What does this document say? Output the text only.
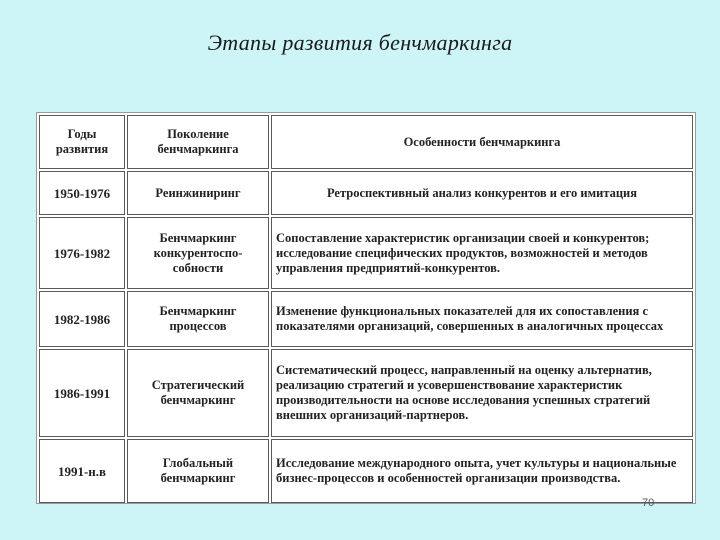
Этапы развития бенчмаркинга
Годы развития	Поколение бенчмаркинга	Особенности бенчмаркинга
1950-1976	Реинжиниринг	Ретроспективный анализ конкурентов и его имитация
1976-1982	Бенчмаркинг конкурентоспо-собности	Сопоставление характеристик организации своей и конкурентов; исследование специфических продуктов, возможностей и методов управления предприятий-конкурентов.
1982-1986	Бенчмаркинг процессов	Изменение функциональных показателей для их сопоставления с показателями организаций, совершенных в аналогичных процессах
1986-1991	Стратегический бенчмаркинг	Систематический процесс, направленный на оценку альтернатив, реализацию стратегий и усовершенствование характеристик производительности на основе исследования успешных стратегий внешних организаций-партнеров.
1991-н.в	Глобальный бенчмаркинг	Исследование международного опыта, учет культуры и национальные бизнес-процессов и особенностей организации производства.
70
